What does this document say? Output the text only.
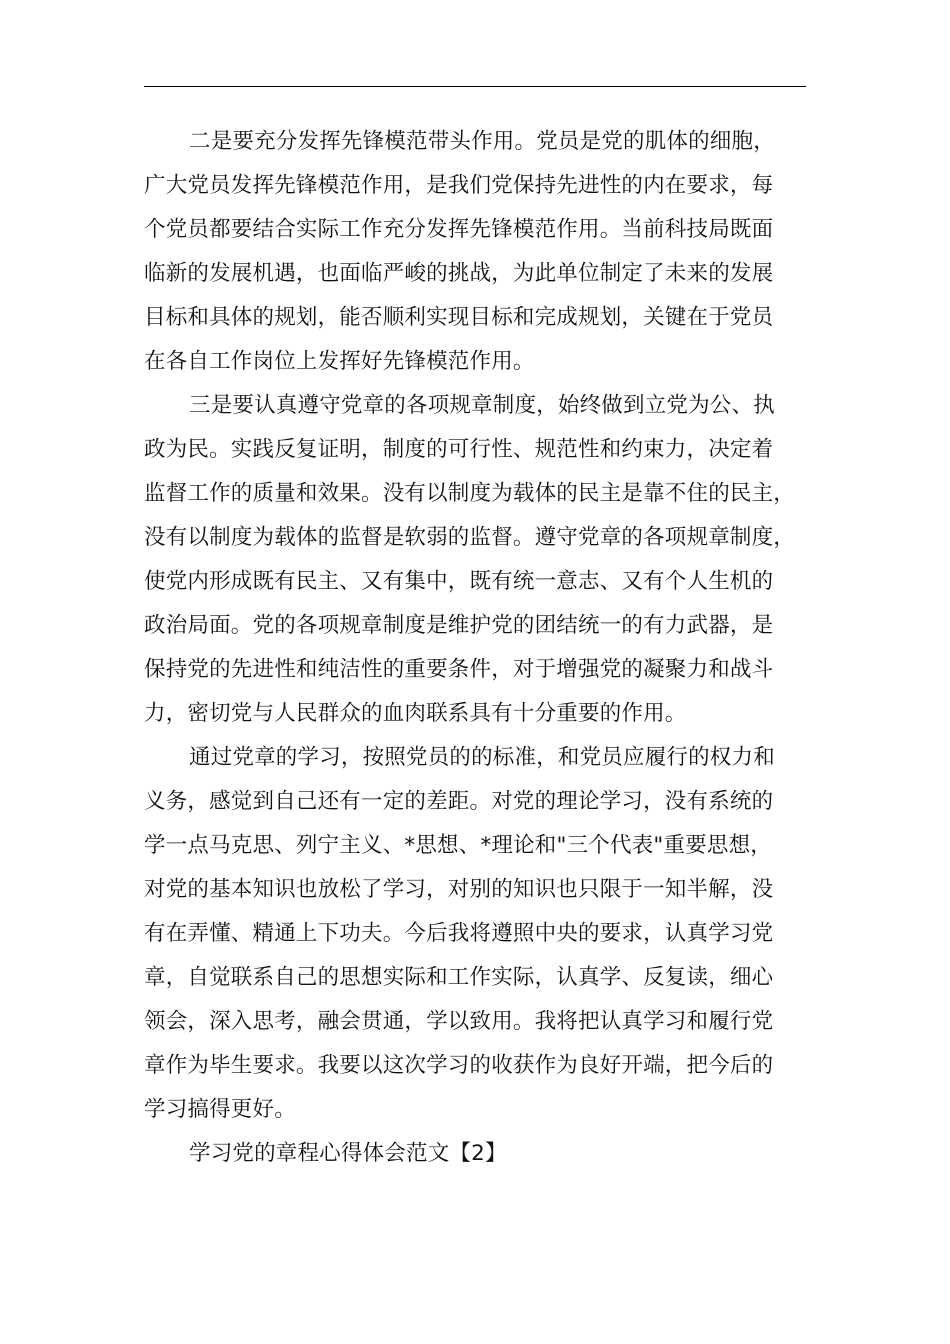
二是要充分发挥先锋模范带头作用。党员是党的肌体的细胞，
广大党员发挥先锋模范作用，是我们党保持先进性的内在要求，每
个党员都要结合实际工作充分发挥先锋模范作用。当前科技局既面
临新的发展机遇，也面临严峻的挑战，为此单位制定了未来的发展
目标和具体的规划，能否顺利实现目标和完成规划，关键在于党员
在各自工作岗位上发挥好先锋模范作用。
三是要认真遵守党章的各项规章制度，始终做到立党为公、执
政为民。实践反复证明，制度的可行性、规范性和约束力，决定着
监督工作的质量和效果。没有以制度为载体的民主是靠不住的民主，
没有以制度为载体的监督是软弱的监督。遵守党章的各项规章制度，
使党内形成既有民主、又有集中，既有统一意志、又有个人生机的
政治局面。党的各项规章制度是维护党的团结统一的有力武器，是
保持党的先进性和纯洁性的重要条件，对于增强党的凝聚力和战斗
力，密切党与人民群众的血肉联系具有十分重要的作用。
通过党章的学习，按照党员的的标准，和党员应履行的权力和
义务，感觉到自己还有一定的差距。对党的理论学习，没有系统的
学一点马克思、列宁主义、*思想、*理论和"三个代表"重要思想，
对党的基本知识也放松了学习，对别的知识也只限于一知半解，没
有在弄懂、精通上下功夫。今后我将遵照中央的要求，认真学习党
章，自觉联系自己的思想实际和工作实际，认真学、反复读，细心
领会，深入思考，融会贯通，学以致用。我将把认真学习和履行党
章作为毕生要求。我要以这次学习的收获作为良好开端，把今后的
学习搞得更好。
学习党的章程心得体会范文【2】
